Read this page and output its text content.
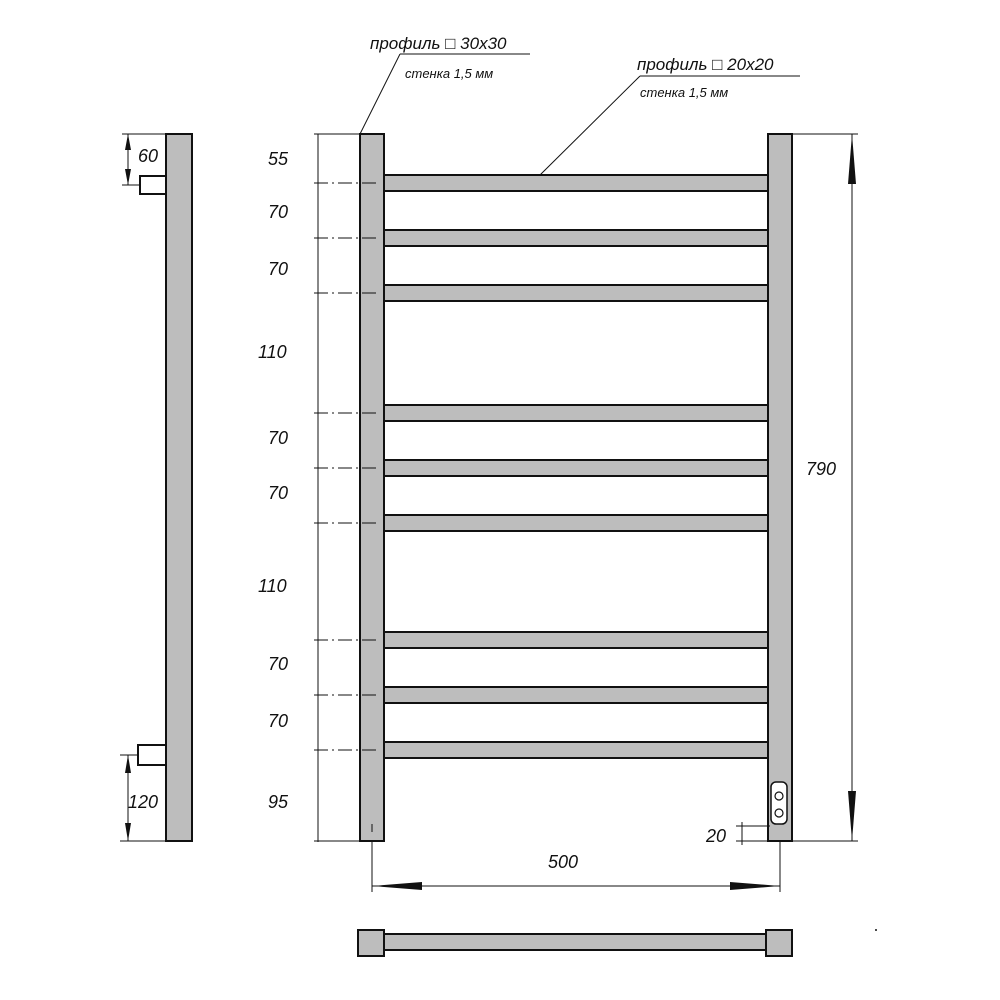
55
70
70
110
70
70
110
70
70
95
790
20
500
профиль □ 30x30
стенка 1,5 мм	профиль □ 20x20
стенка 1,5 мм
60
120
